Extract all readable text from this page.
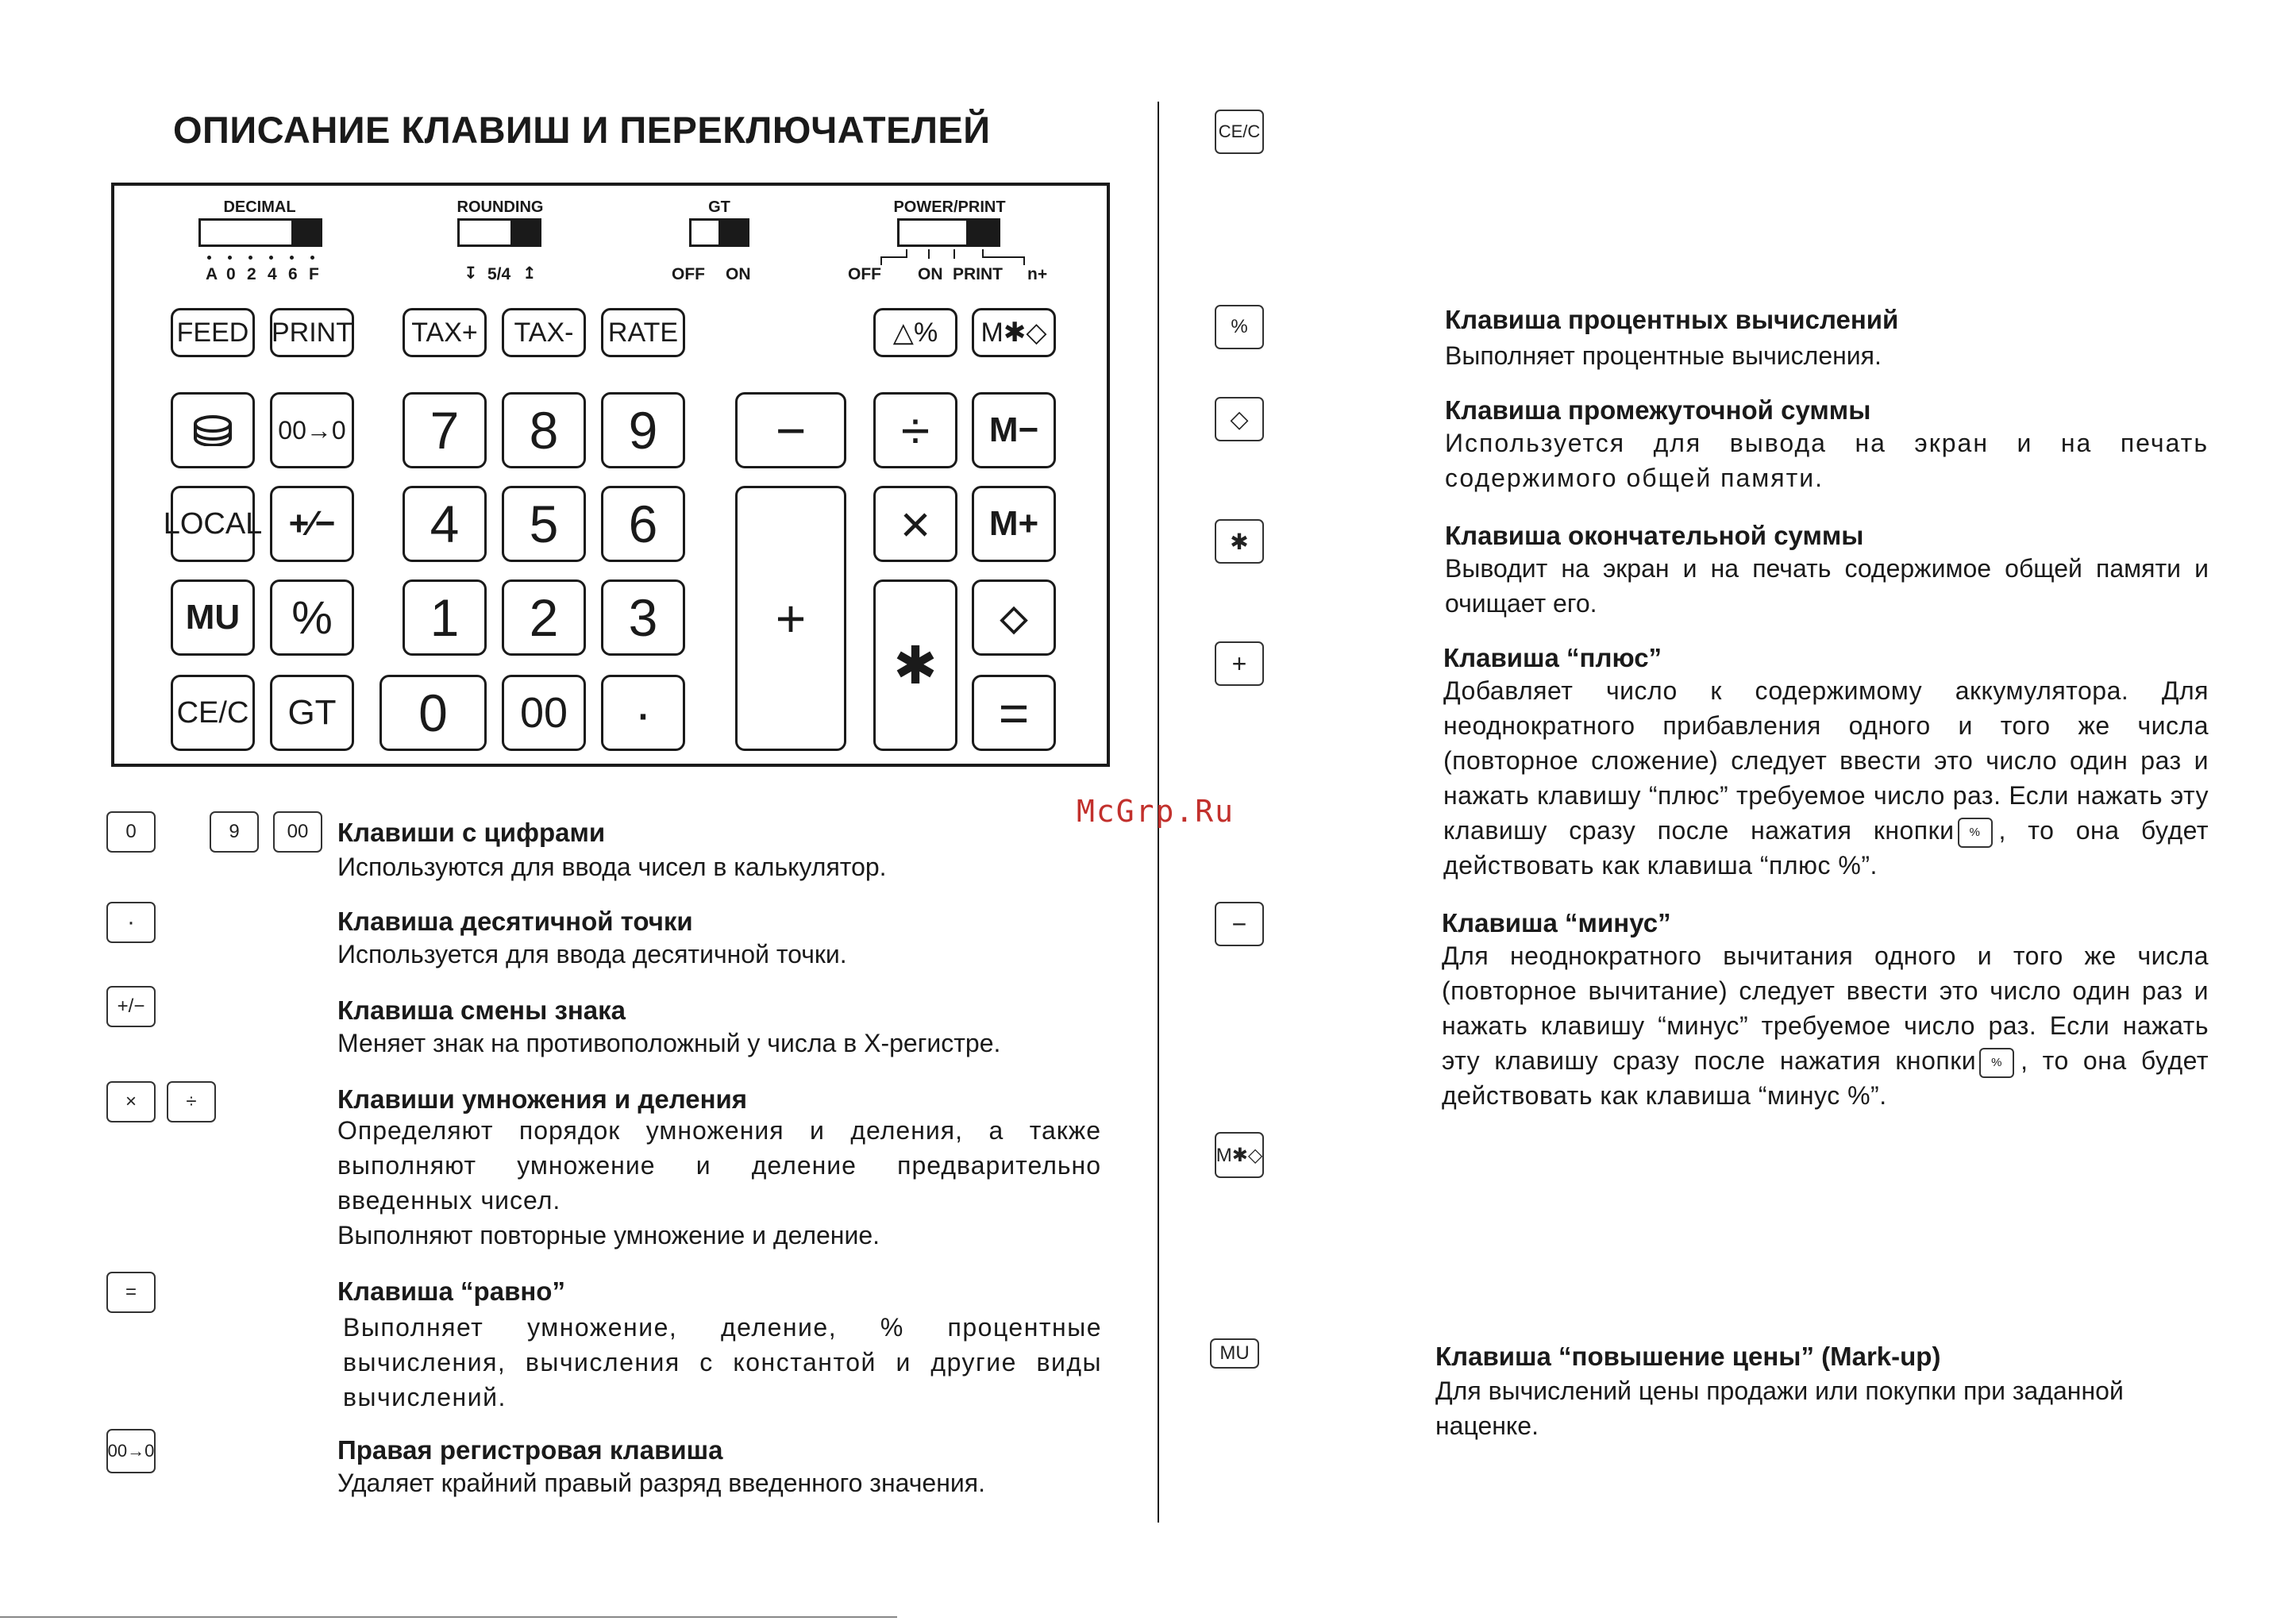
ОПИСАНИЕ КЛАВИШ И ПЕРЕКЛЮЧАТЕЛЕЙ
DECIMAL
A 0 2 4 6 F
ROUNDING
↧ 5/4 ↥
GT
OFF ON
POWER/PRINT
OFF ON PRINT n+
FEED PRINT	TAX+	TAX-	RATE	△%	M✱◇
00→0	7	8	9	−	÷	M−
LOCAL +∕−	4	5	6
+
×	M+
MU	%	1	2	3
✱
◇
CE/C	GT	0	00	·	=
0	9	00	Клавиши с цифрами
Используются для ввода чисел в калькулятор.
·	Клавиша десятичной точки
Используется для ввода десятичной точки.
+/−	Клавиша смены знака
Меняет знак на противоположный у числа в Х-регистре.
×	÷	Клавиши умножения и деления
Определяют порядок умножения и деления, а также выполняют умножение и деление предварительно введенных чисел.
Выполняют повторные умножение и деление.
=	Клавиша “равно”
Выполняет умножение, деление, % процентные вычисления, вычисления с константой и другие виды вычислений.
00→0	Правая регистровая клавиша
Удаляет крайний правый разряд введенного значения.
CE/C
%	Клавиша процентных вычислений
Выполняет процентные вычисления.
◇	Клавиша промежуточной суммы
Используется для вывода на экран и на печать содержимого общей памяти.
✱	Клавиша окончательной суммы
Выводит на экран и на печать содержимое общей памяти и очищает его.
+	Клавиша “плюс”
Добавляет число к содержимому аккумулятора. Для неоднократного прибавления одного и того же числа (повторное сложение) следует ввести это число один раз и нажать клавишу “плюс” требуемое число раз. Если нажать эту клавишу сразу после нажатия кнопки % , то она будет действовать как клавиша “плюс %”.
−	Клавиша “минус”
Для неоднократного вычитания одного и того же числа (повторное вычитание) следует ввести это число один раз и нажать клавишу “минус” требуемое число раз. Если нажать эту клавишу сразу после нажатия кнопки % , то она будет действовать как клавиша “минус %”.
M✱◇
MU	Клавиша “повышение цены” (Mark-up)
Для вычислений цены продажи или покупки при заданной наценке.
McGrp.Ru
